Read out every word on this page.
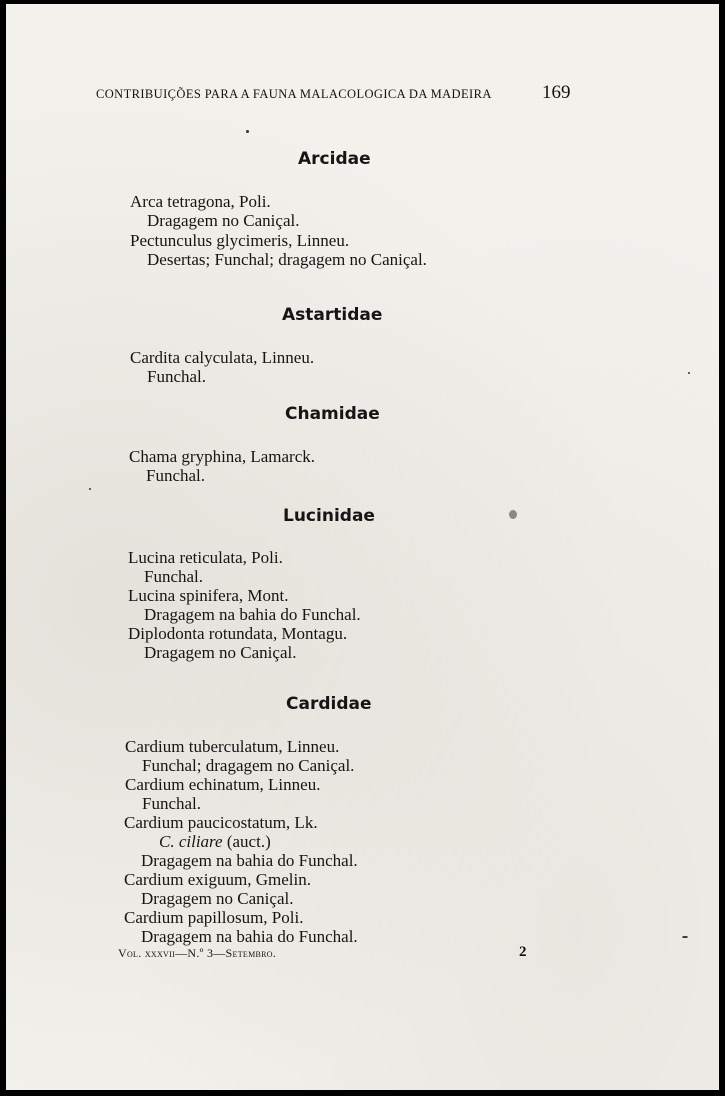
CONTRIBUIÇÕES PARA A FAUNA MALACOLOGICA DA MADEIRA	169
Arcidae
Arca tetragona, Poli.
Dragagem no Caniçal.
Pectunculus glycimeris, Linneu.
Desertas; Funchal; dragagem no Caniçal.
Astartidae
Cardita calyculata, Linneu.
Funchal.
Chamidae
Chama gryphina, Lamarck.
Funchal.
Lucinidae
Lucina reticulata, Poli.
Funchal.
Lucina spinifera, Mont.
Dragagem na bahia do Funchal.
Diplodonta rotundata, Montagu.
Dragagem no Caniçal.
Cardidae
Cardium tuberculatum, Linneu.
Funchal; dragagem no Caniçal.
Cardium echinatum, Linneu.
Funchal.
Cardium paucicostatum, Lk.
C. ciliare (auct.)
Dragagem na bahia do Funchal.
Cardium exiguum, Gmelin.
Dragagem no Caniçal.
Cardium papillosum, Poli.
Dragagem na bahia do Funchal.
Vol. xxxvii—N.º 3—Setembro.	2
